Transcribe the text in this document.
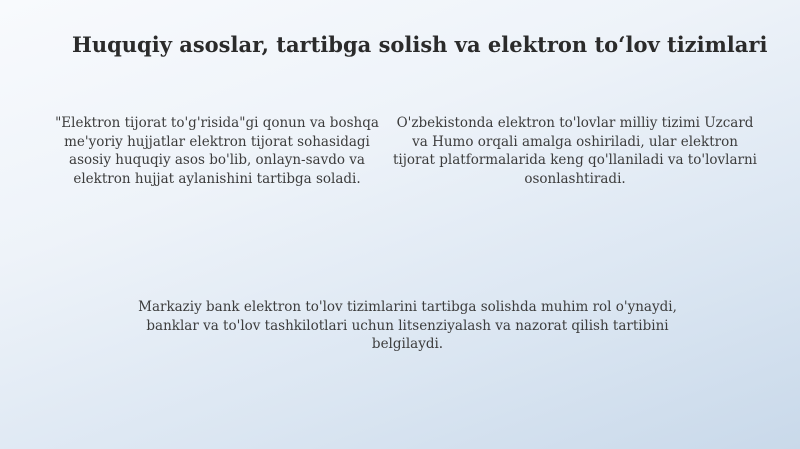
Huquqiy asoslar, tartibga solish va elektron to‘lov tizimlari

"Elektron tijorat to'g'risida"gi qonun va boshqa me'yoriy hujjatlar elektron tijorat sohasidagi asosiy huquqiy asos bo'lib, onlayn-savdo va elektron hujjat aylanishini tartibga soladi.

O'zbekistonda elektron to'lovlar milliy tizimi Uzcard va Humo orqali amalga oshiriladi, ular elektron tijorat platformalarida keng qo'llaniladi va to'lovlarni osonlashtiradi.

Markaziy bank elektron to'lov tizimlarini tartibga solishda muhim rol o'ynaydi, banklar va to'lov tashkilotlari uchun litsenziyalash va nazorat qilish tartibini belgilaydi.
